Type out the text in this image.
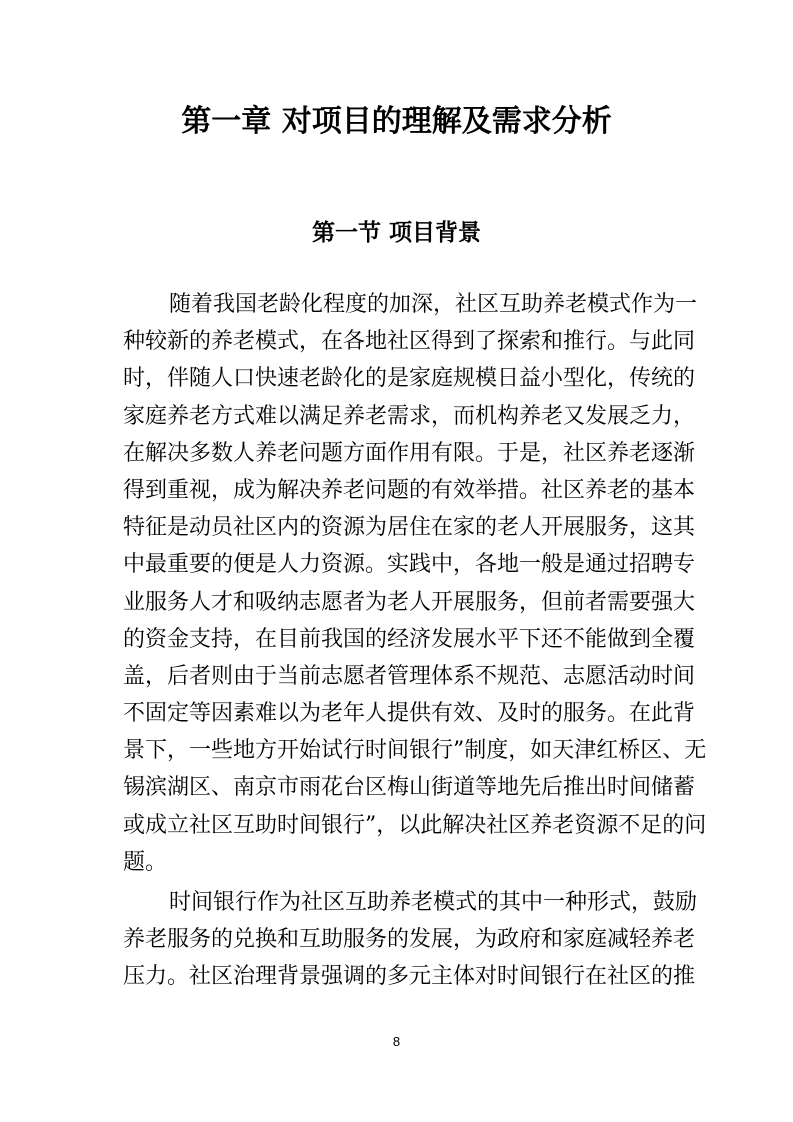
第一章 对项目的理解及需求分析
第一节 项目背景
随着我国老龄化程度的加深，社区互助养老模式作为一
种较新的养老模式，在各地社区得到了探索和推行。与此同
时，伴随人口快速老龄化的是家庭规模日益小型化，传统的
家庭养老方式难以满足养老需求，而机构养老又发展乏力，
在解决多数人养老问题方面作用有限。于是，社区养老逐渐
得到重视，成为解决养老问题的有效举措。社区养老的基本
特征是动员社区内的资源为居住在家的老人开展服务，这其
中最重要的便是人力资源。实践中，各地一般是通过招聘专
业服务人才和吸纳志愿者为老人开展服务，但前者需要强大
的资金支持，在目前我国的经济发展水平下还不能做到全覆
盖，后者则由于当前志愿者管理体系不规范、志愿活动时间
不固定等因素难以为老年人提供有效、及时的服务。在此背
景下，一些地方开始试行时间银行”制度，如天津红桥区、无
锡滨湖区、南京市雨花台区梅山街道等地先后推出时间储蓄
或成立社区互助时间银行”，以此解决社区养老资源不足的问
题。
时间银行作为社区互助养老模式的其中一种形式，鼓励
养老服务的兑换和互助服务的发展，为政府和家庭减轻养老
压力。社区治理背景强调的多元主体对时间银行在社区的推
8
